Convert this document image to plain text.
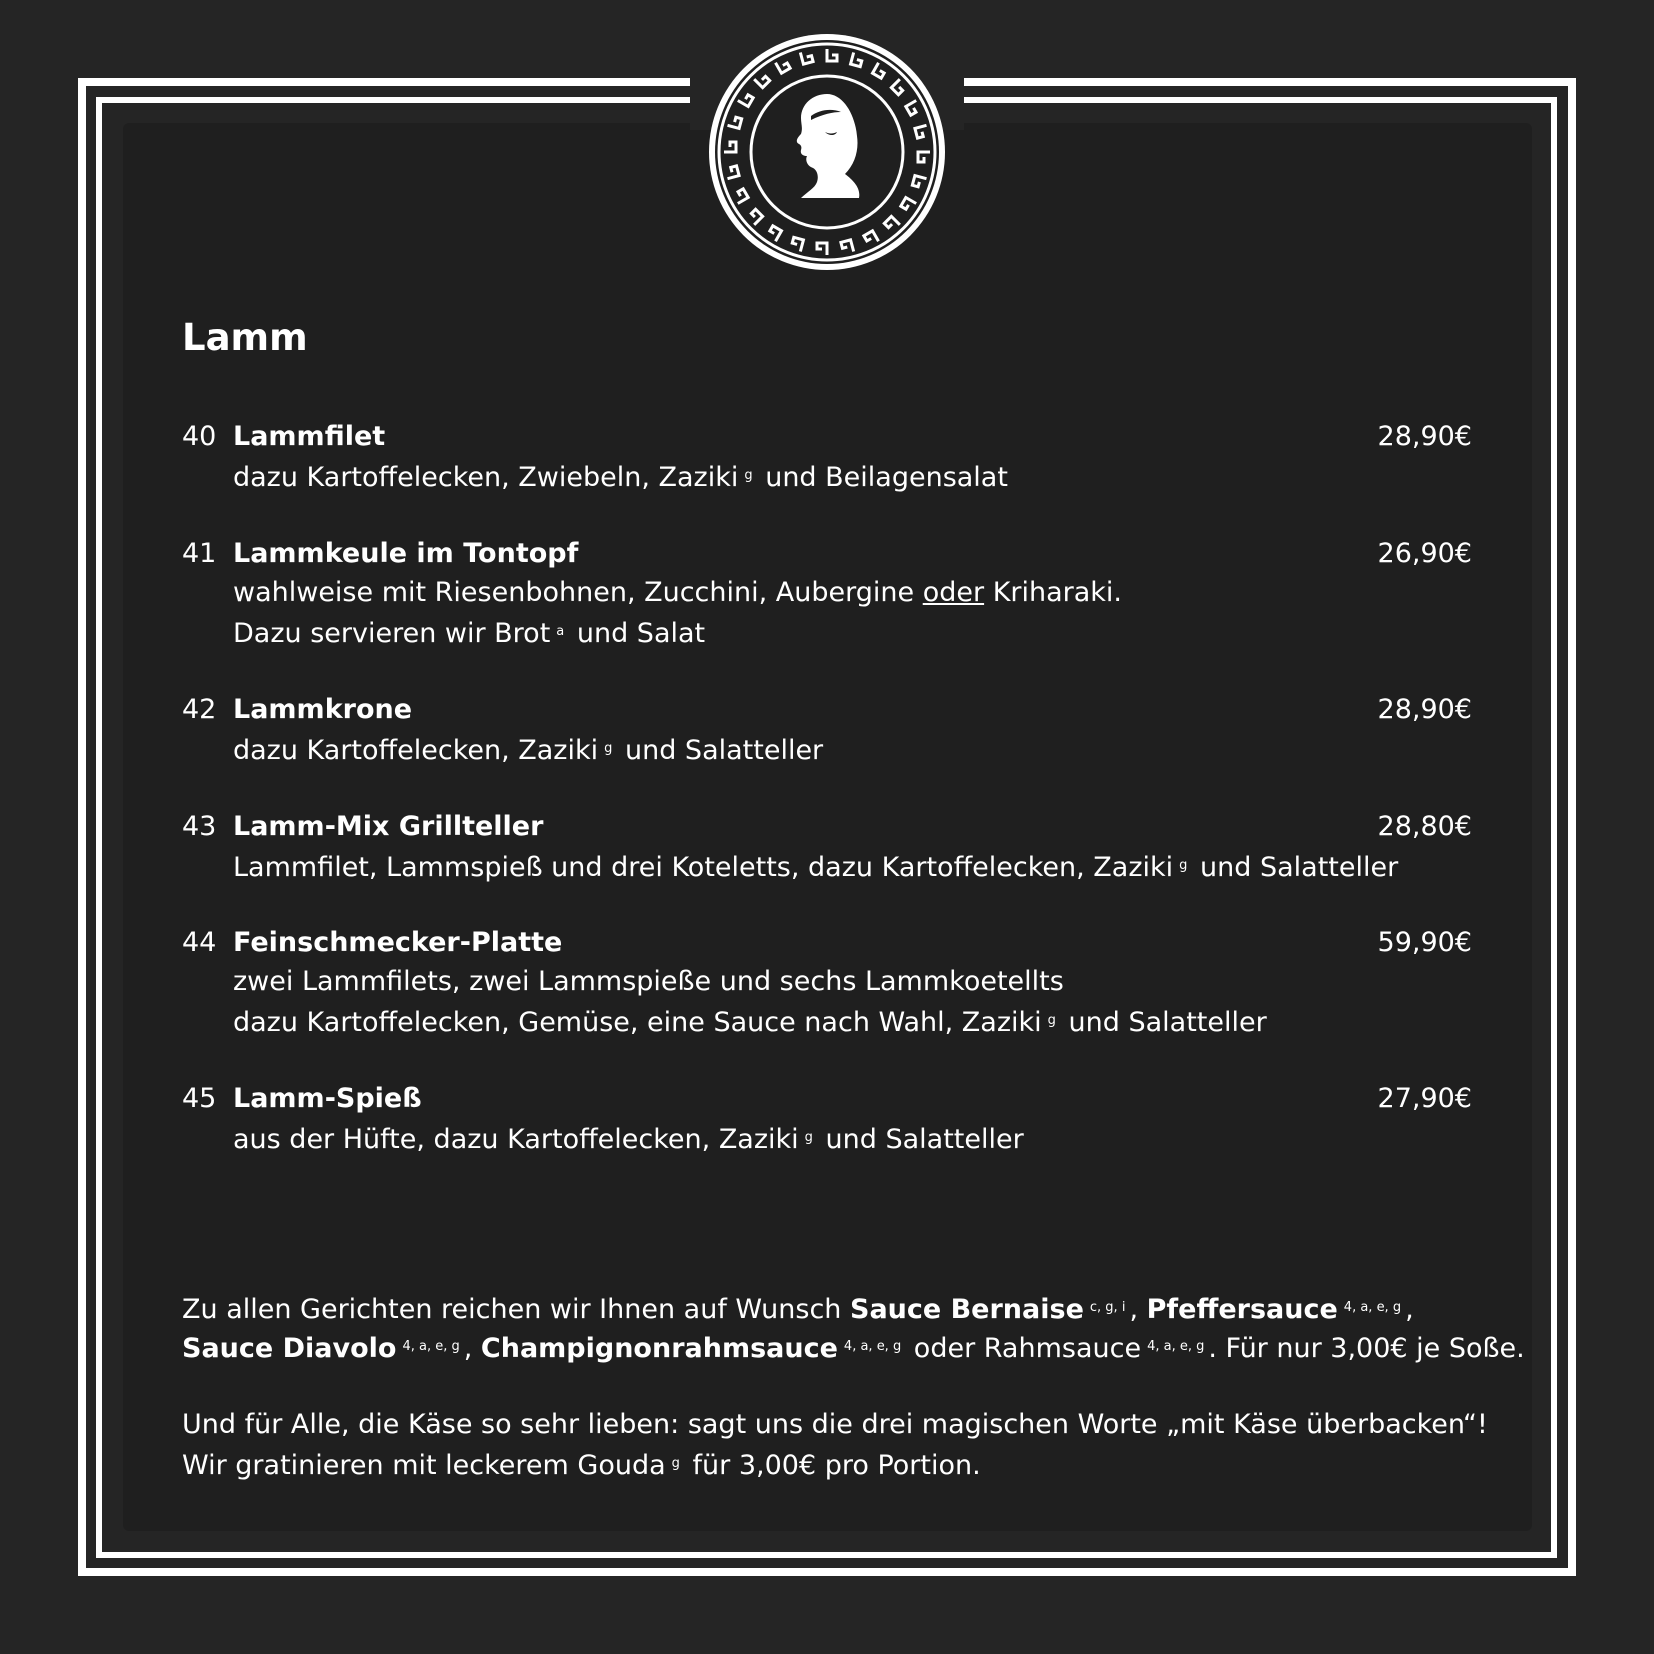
Lamm
40 Lammfilet	28,90€
dazu Kartoffelecken, Zwiebeln, Zaziki $^g$ und Beilagensalat
41 Lammkeule im Tontopf	26,90€
wahlweise mit Riesenbohnen, Zucchini, Aubergine oder Kriharaki.
Dazu servieren wir Brot $^a$ und Salat
42 Lammkrone	28,90€
dazu Kartoffelecken, Zaziki $^g$ und Salatteller
43 Lamm-Mix Grillteller	28,80€
Lammfilet, Lammspieß und drei Koteletts, dazu Kartoffelecken, Zaziki $^g$ und Salatteller
44 Feinschmecker-Platte	59,90€
zwei Lammfilets, zwei Lammspieße und sechs Lammkoetellts
dazu Kartoffelecken, Gemüse, eine Sauce nach Wahl, Zaziki $^g$ und Salatteller
45 Lamm-Spieß	27,90€
aus der Hüfte, dazu Kartoffelecken, Zaziki $^g$ und Salatteller
Zu allen Gerichten reichen wir Ihnen auf Wunsch Sauce Bernaise $^{c, g, i}$ , Pfeffersauce $^{4, a, e, g}$ ,
Sauce Diavolo $^{4, a, e, g}$ , Champignonrahmsauce $^{4, a, e, g}$ oder Rahmsauce $^{4, a, e, g}$ . Für nur 3,00€ je Soße.
Und für Alle, die Käse so sehr lieben: sagt uns die drei magischen Worte „mit Käse überbacken“!
Wir gratinieren mit leckerem Gouda $^g$ für 3,00€ pro Portion.
